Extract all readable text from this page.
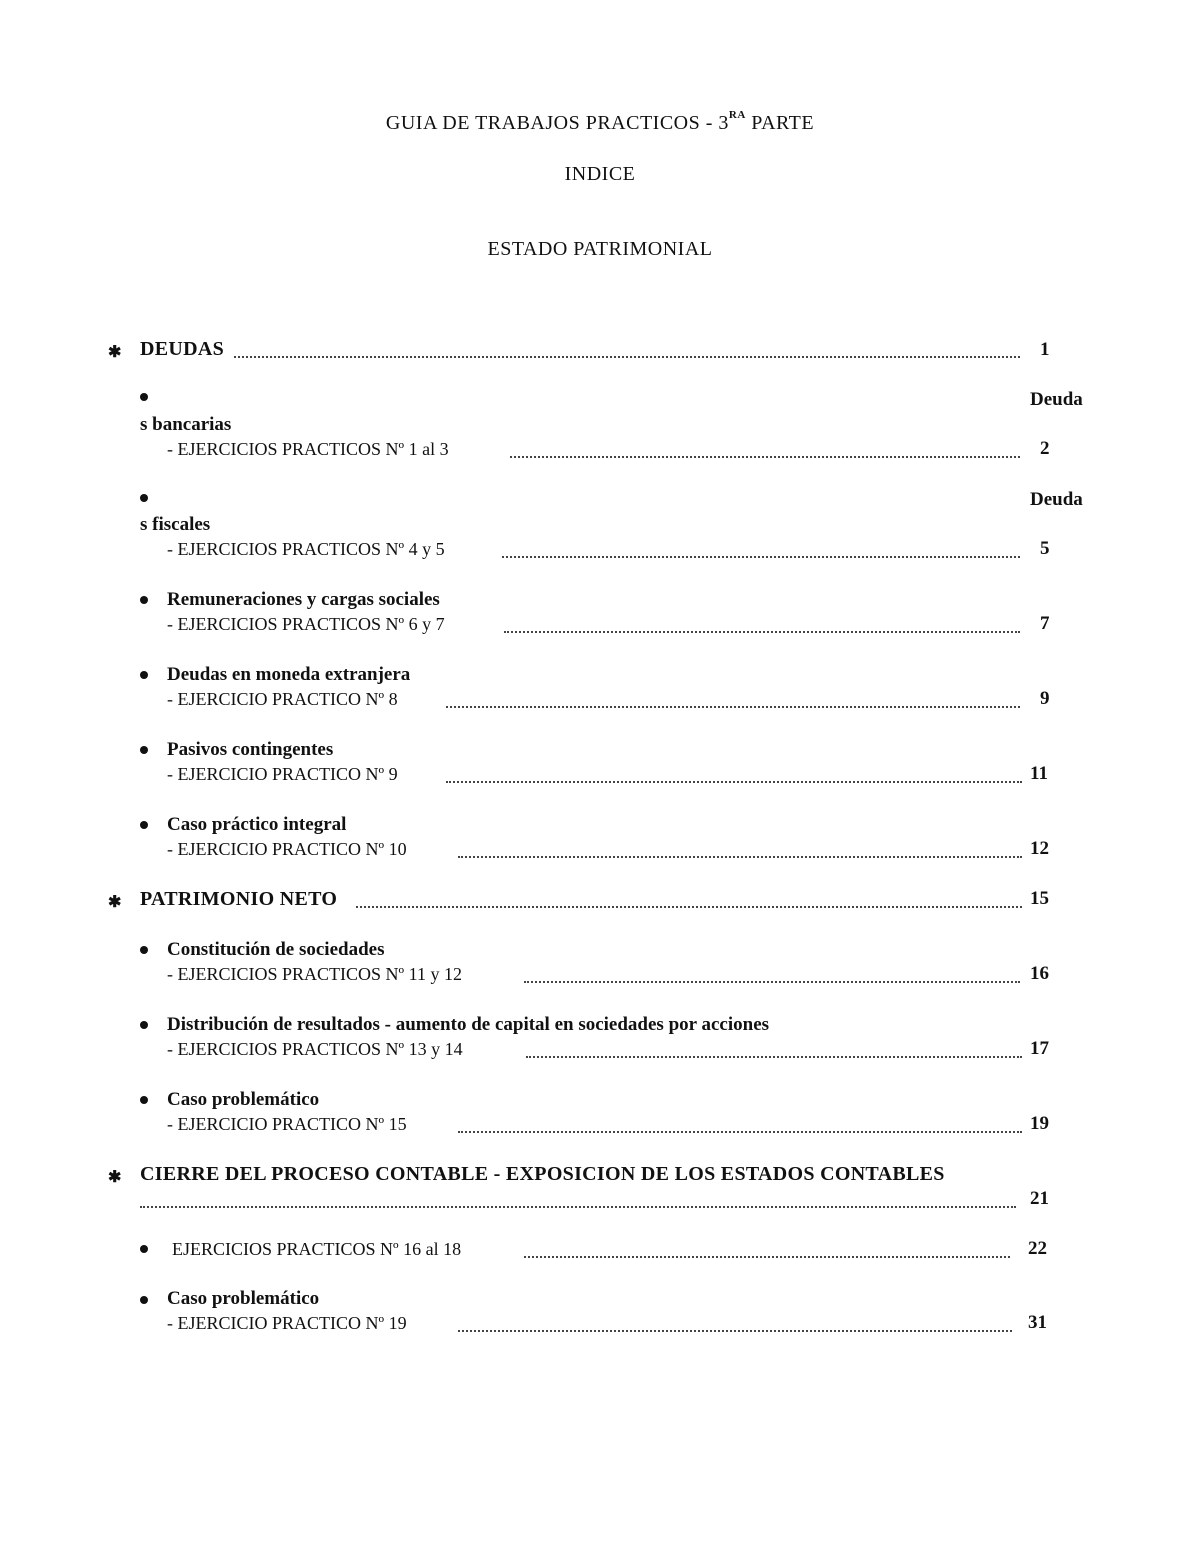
GUIA DE TRABAJOS PRACTICOS - $3^{RA}$ PARTE
INDICE
ESTADO PATRIMONIAL
✱ DEUDAS	1
Deuda
s bancarias
- EJERCICIOS PRACTICOS Nº 1 al 3	2
Deuda
s fiscales
- EJERCICIOS PRACTICOS Nº 4 y 5	5
Remuneraciones y cargas sociales
- EJERCICIOS PRACTICOS Nº 6 y 7	7
Deudas en moneda extranjera
- EJERCICIO PRACTICO Nº 8	9
Pasivos contingentes
- EJERCICIO PRACTICO Nº 9	11
Caso práctico integral
- EJERCICIO PRACTICO Nº 10	12
✱ PATRIMONIO NETO	15
Constitución de sociedades
- EJERCICIOS PRACTICOS Nº 11 y 12	16
Distribución de resultados - aumento de capital en sociedades por acciones
- EJERCICIOS PRACTICOS Nº 13 y 14	17
Caso problemático
- EJERCICIO PRACTICO Nº 15	19
✱ CIERRE DEL PROCESO CONTABLE - EXPOSICION DE LOS ESTADOS CONTABLES
21
EJERCICIOS PRACTICOS Nº 16 al 18	22
Caso problemático
- EJERCICIO PRACTICO Nº 19	31
